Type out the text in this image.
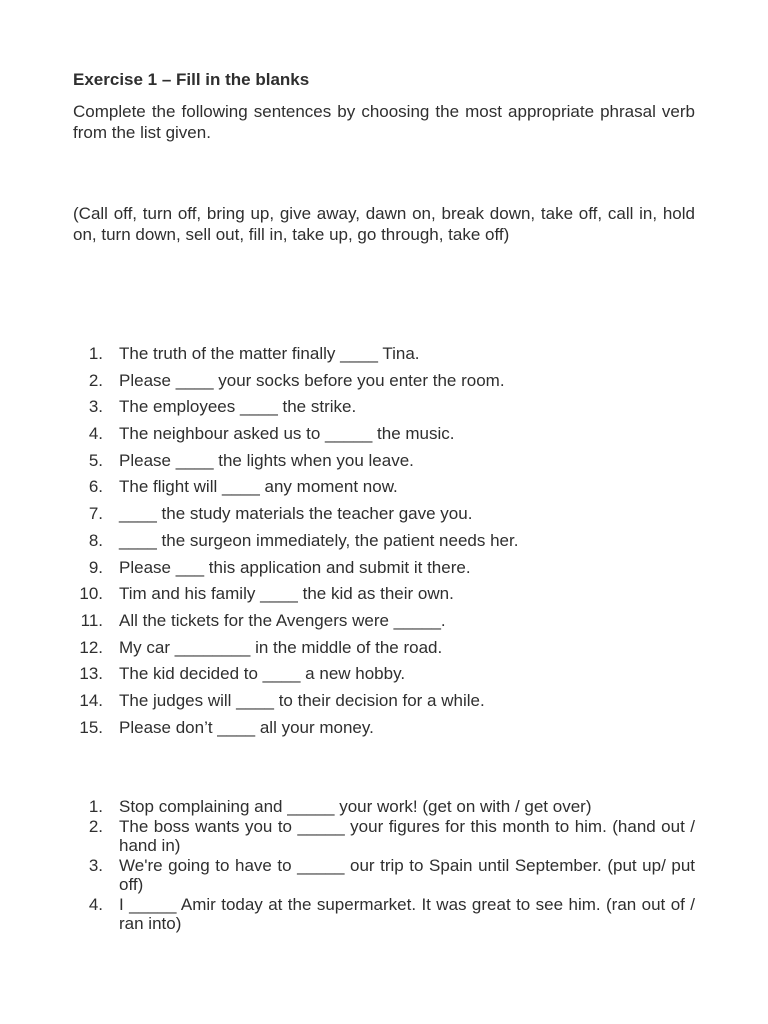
Exercise 1 – Fill in the blanks
Complete the following sentences by choosing the most appropriate phrasal verb from the list given.
(Call off, turn off, bring up, give away, dawn on, break down, take off, call in, hold on, turn down, sell out, fill in, take up, go through, take off)
1. The truth of the matter finally ____ Tina.
2. Please ____ your socks before you enter the room.
3. The employees ____ the strike.
4. The neighbour asked us to _____ the music.
5. Please ____ the lights when you leave.
6. The flight will ____ any moment now.
7. ____ the study materials the teacher gave you.
8. ____ the surgeon immediately, the patient needs her.
9. Please ___ this application and submit it there.
10. Tim and his family ____ the kid as their own.
11. All the tickets for the Avengers were _____.
12. My car ________ in the middle of the road.
13. The kid decided to ____ a new hobby.
14. The judges will ____ to their decision for a while.
15. Please don’t ____ all your money.
1. Stop complaining and _____ your work! (get on with / get over)
2. The boss wants you to _____ your figures for this month to him. (hand out / hand in)
3. We're going to have to _____ our trip to Spain until September. (put up/ put off)
4. I _____ Amir today at the supermarket. It was great to see him. (ran out of / ran into)
